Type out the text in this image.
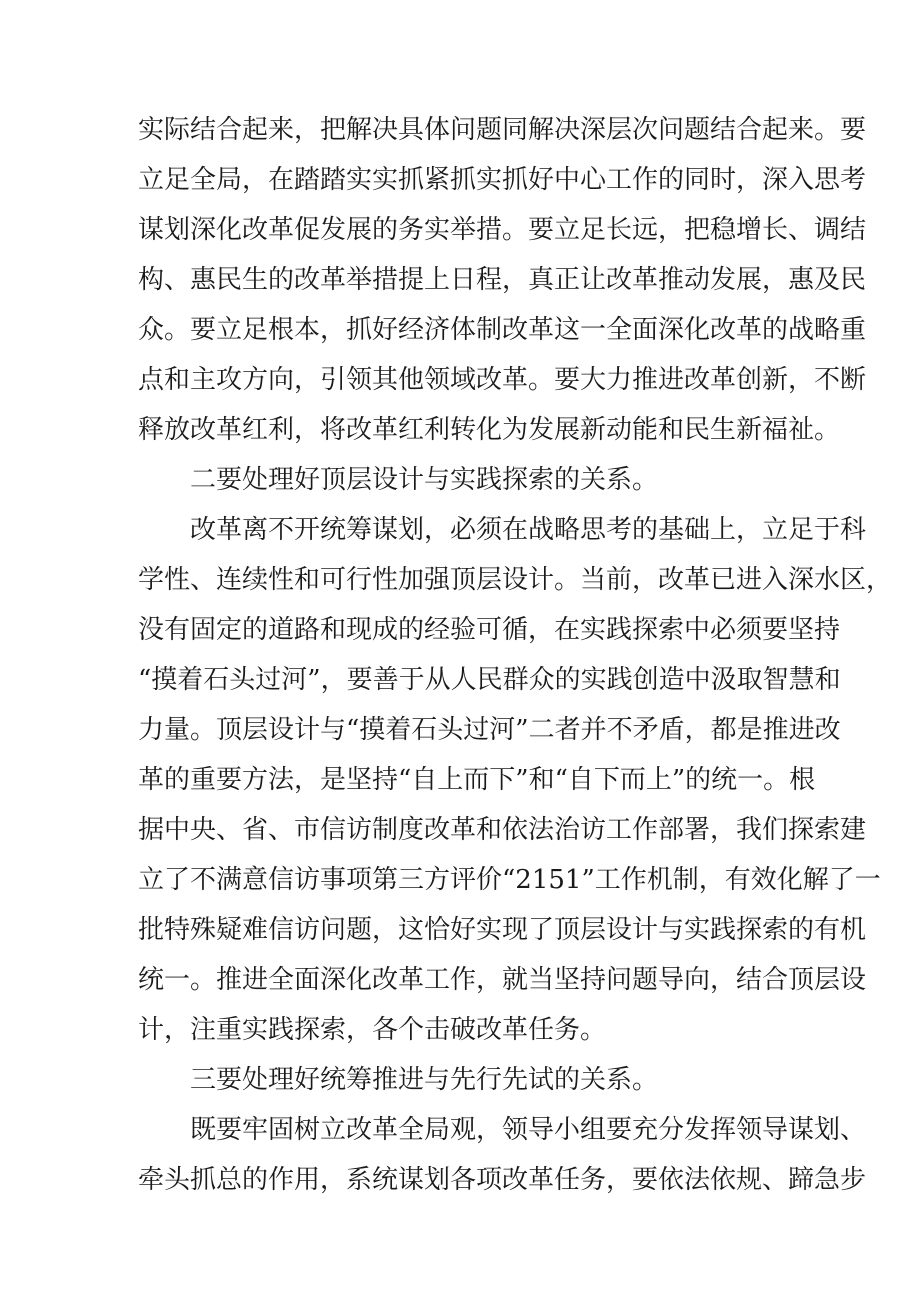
实际结合起来，把解决具体问题同解决深层次问题结合起来。要
立足全局，在踏踏实实抓紧抓实抓好中心工作的同时，深入思考
谋划深化改革促发展的务实举措。要立足长远，把稳增长、调结
构、惠民生的改革举措提上日程，真正让改革推动发展，惠及民
众。要立足根本，抓好经济体制改革这一全面深化改革的战略重
点和主攻方向，引领其他领域改革。要大力推进改革创新，不断
释放改革红利，将改革红利转化为发展新动能和民生新福祉。
二要处理好顶层设计与实践探索的关系。
改革离不开统筹谋划，必须在战略思考的基础上，立足于科
学性、连续性和可行性加强顶层设计。当前，改革已进入深水区，
没有固定的道路和现成的经验可循，在实践探索中必须要坚持
“摸着石头过河”，要善于从人民群众的实践创造中汲取智慧和
力量。顶层设计与“摸着石头过河”二者并不矛盾，都是推进改
革的重要方法，是坚持“自上而下”和“自下而上”的统一。根
据中央、省、市信访制度改革和依法治访工作部署，我们探索建
立了不满意信访事项第三方评价“2151”工作机制，有效化解了一
批特殊疑难信访问题，这恰好实现了顶层设计与实践探索的有机
统一。推进全面深化改革工作，就当坚持问题导向，结合顶层设
计，注重实践探索，各个击破改革任务。
三要处理好统筹推进与先行先试的关系。
既要牢固树立改革全局观，领导小组要充分发挥领导谋划、
牵头抓总的作用，系统谋划各项改革任务，要依法依规、蹄急步
